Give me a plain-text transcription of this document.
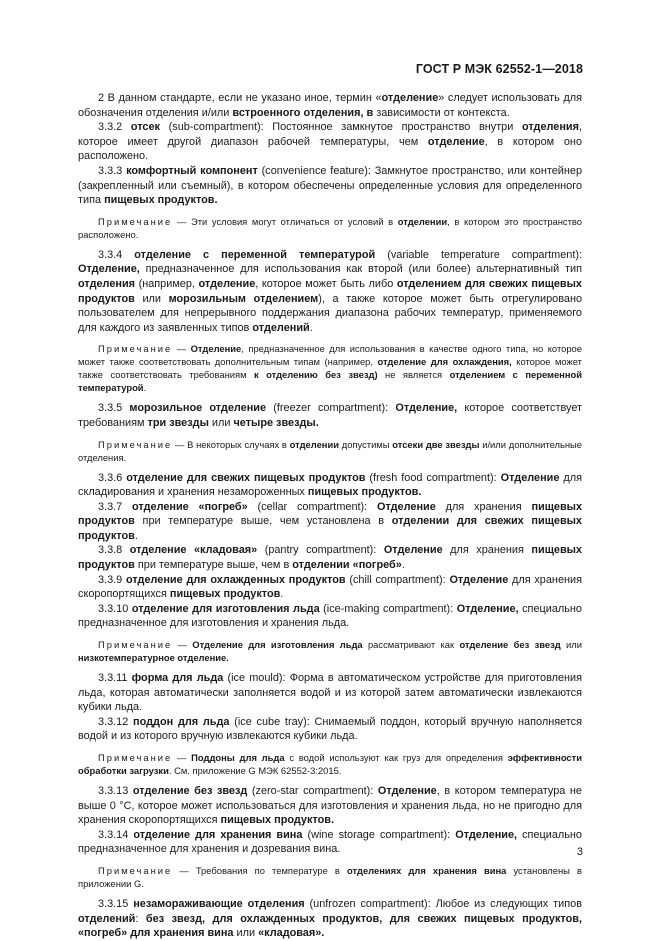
ГОСТ Р МЭК 62552-1—2018

2 В данном стандарте, если не указано иное, термин «отделение» следует использовать для обозначения отделения и/или встроенного отделения, в зависимости от контекста.

3.3.2 отсек (sub-compartment): Постоянное замкнутое пространство внутри отделения, которое имеет другой диапазон рабочей температуры, чем отделение, в котором оно расположено.

3.3.3 комфортный компонент (convenience feature): Замкнутое пространство, или контейнер (закрепленный или съемный), в котором обеспечены определенные условия для определенного типа пищевых продуктов.

Примечание — Эти условия могут отличаться от условий в отделении, в котором это пространство расположено.

3.3.4 отделение с переменной температурой (variable temperature compartment): Отделение, предназначенное для использования как второй (или более) альтернативный тип отделения (например, отделение, которое может быть либо отделением для свежих пищевых продуктов или морозильным отделением), а также которое может быть отрегулировано пользователем для непрерывного поддержания диапазона рабочих температур, применяемого для каждого из заявленных типов отделений.

Примечание — Отделение, предназначенное для использования в качестве одного типа, но которое может также соответствовать дополнительным типам (например, отделение для охлаждения, которое может также соответствовать требованиям к отделению без звезд) не является отделением с переменной температурой.

3.3.5 морозильное отделение (freezer compartment): Отделение, которое соответствует требованиям три звезды или четыре звезды.

Примечание — В некоторых случаях в отделении допустимы отсеки две звезды и/или дополнительные отделения.

3.3.6 отделение для свежих пищевых продуктов (fresh food compartment): Отделение для складирования и хранения незамороженных пищевых продуктов.

3.3.7 отделение «погреб» (cellar compartment): Отделение для хранения пищевых продуктов при температуре выше, чем установлена в отделении для свежих пищевых продуктов.

3.3.8 отделение «кладовая» (pantry compartment): Отделение для хранения пищевых продуктов при температуре выше, чем в отделении «погреб».

3.3.9 отделение для охлажденных продуктов (chill compartment): Отделение для хранения скоропортящихся пищевых продуктов.

3.3.10 отделение для изготовления льда (ice-making compartment): Отделение, специально предназначенное для изготовления и хранения льда.

Примечание — Отделение для изготовления льда рассматривают как отделение без звезд или низкотемпературное отделение.

3.3.11 форма для льда (ice mould): Форма в автоматическом устройстве для приготовления льда, которая автоматически заполняется водой и из которой затем автоматически извлекаются кубики льда.

3.3.12 поддон для льда (ice cube tray): Снимаемый поддон, который вручную наполняется водой и из которого вручную извлекаются кубики льда.

Примечание — Поддоны для льда с водой используют как груз для определения эффективности обработки загрузки. См. приложение G МЭК 62552-3:2015.

3.3.13 отделение без звезд (zero-star compartment): Отделение, в котором температура не выше 0 °С, которое может использоваться для изготовления и хранения льда, но не пригодно для хранения скоропортящихся пищевых продуктов.

3.3.14 отделение для хранения вина (wine storage compartment): Отделение, специально предназначенное для хранения и дозревания вина.

Примечание — Требования по температуре в отделениях для хранения вина установлены в приложении G.

3.3.15 незамораживающие отделения (unfrozen compartment): Любое из следующих типов отделений: без звезд, для охлажденных продуктов, для свежих пищевых продуктов, «погреб» для хранения вина или «кладовая».

3
